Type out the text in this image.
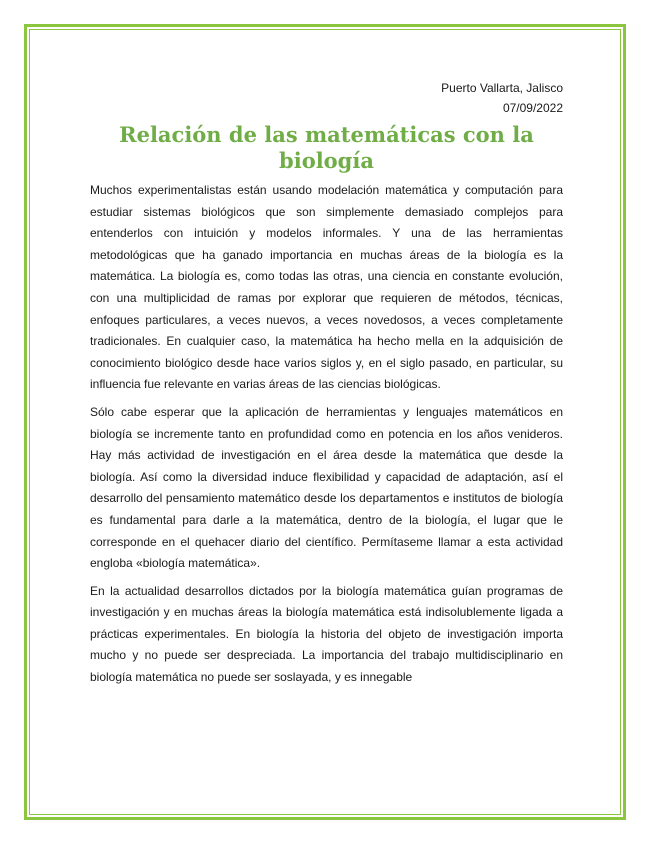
Puerto Vallarta, Jalisco

07/09/2022

Relación de las matemáticas con la biología

Muchos experimentalistas están usando modelación matemática y computación para estudiar sistemas biológicos que son simplemente demasiado complejos para entenderlos con intuición y modelos informales. Y una de las herramientas metodológicas que ha ganado importancia en muchas áreas de la biología es la matemática. La biología es, como todas las otras, una ciencia en constante evolución, con una multiplicidad de ramas por explorar que requieren de métodos, técnicas, enfoques particulares, a veces nuevos, a veces novedosos, a veces completamente tradicionales. En cualquier caso, la matemática ha hecho mella en la adquisición de conocimiento biológico desde hace varios siglos y, en el siglo pasado, en particular, su influencia fue relevante en varias áreas de las ciencias biológicas.

Sólo cabe esperar que la aplicación de herramientas y lenguajes matemáticos en biología se incremente tanto en profundidad como en potencia en los años venideros. Hay más actividad de investigación en el área desde la matemática que desde la biología. Así como la diversidad induce flexibilidad y capacidad de adaptación, así el desarrollo del pensamiento matemático desde los departamentos e institutos de biología es fundamental para darle a la matemática, dentro de la biología, el lugar que le corresponde en el quehacer diario del científico. Permítaseme llamar a esta actividad engloba «biología matemática».

En la actualidad desarrollos dictados por la biología matemática guían programas de investigación y en muchas áreas la biología matemática está indisolublemente ligada a prácticas experimentales. En biología la historia del objeto de investigación importa mucho y no puede ser despreciada. La importancia del trabajo multidisciplinario en biología matemática no puede ser soslayada, y es innegable
